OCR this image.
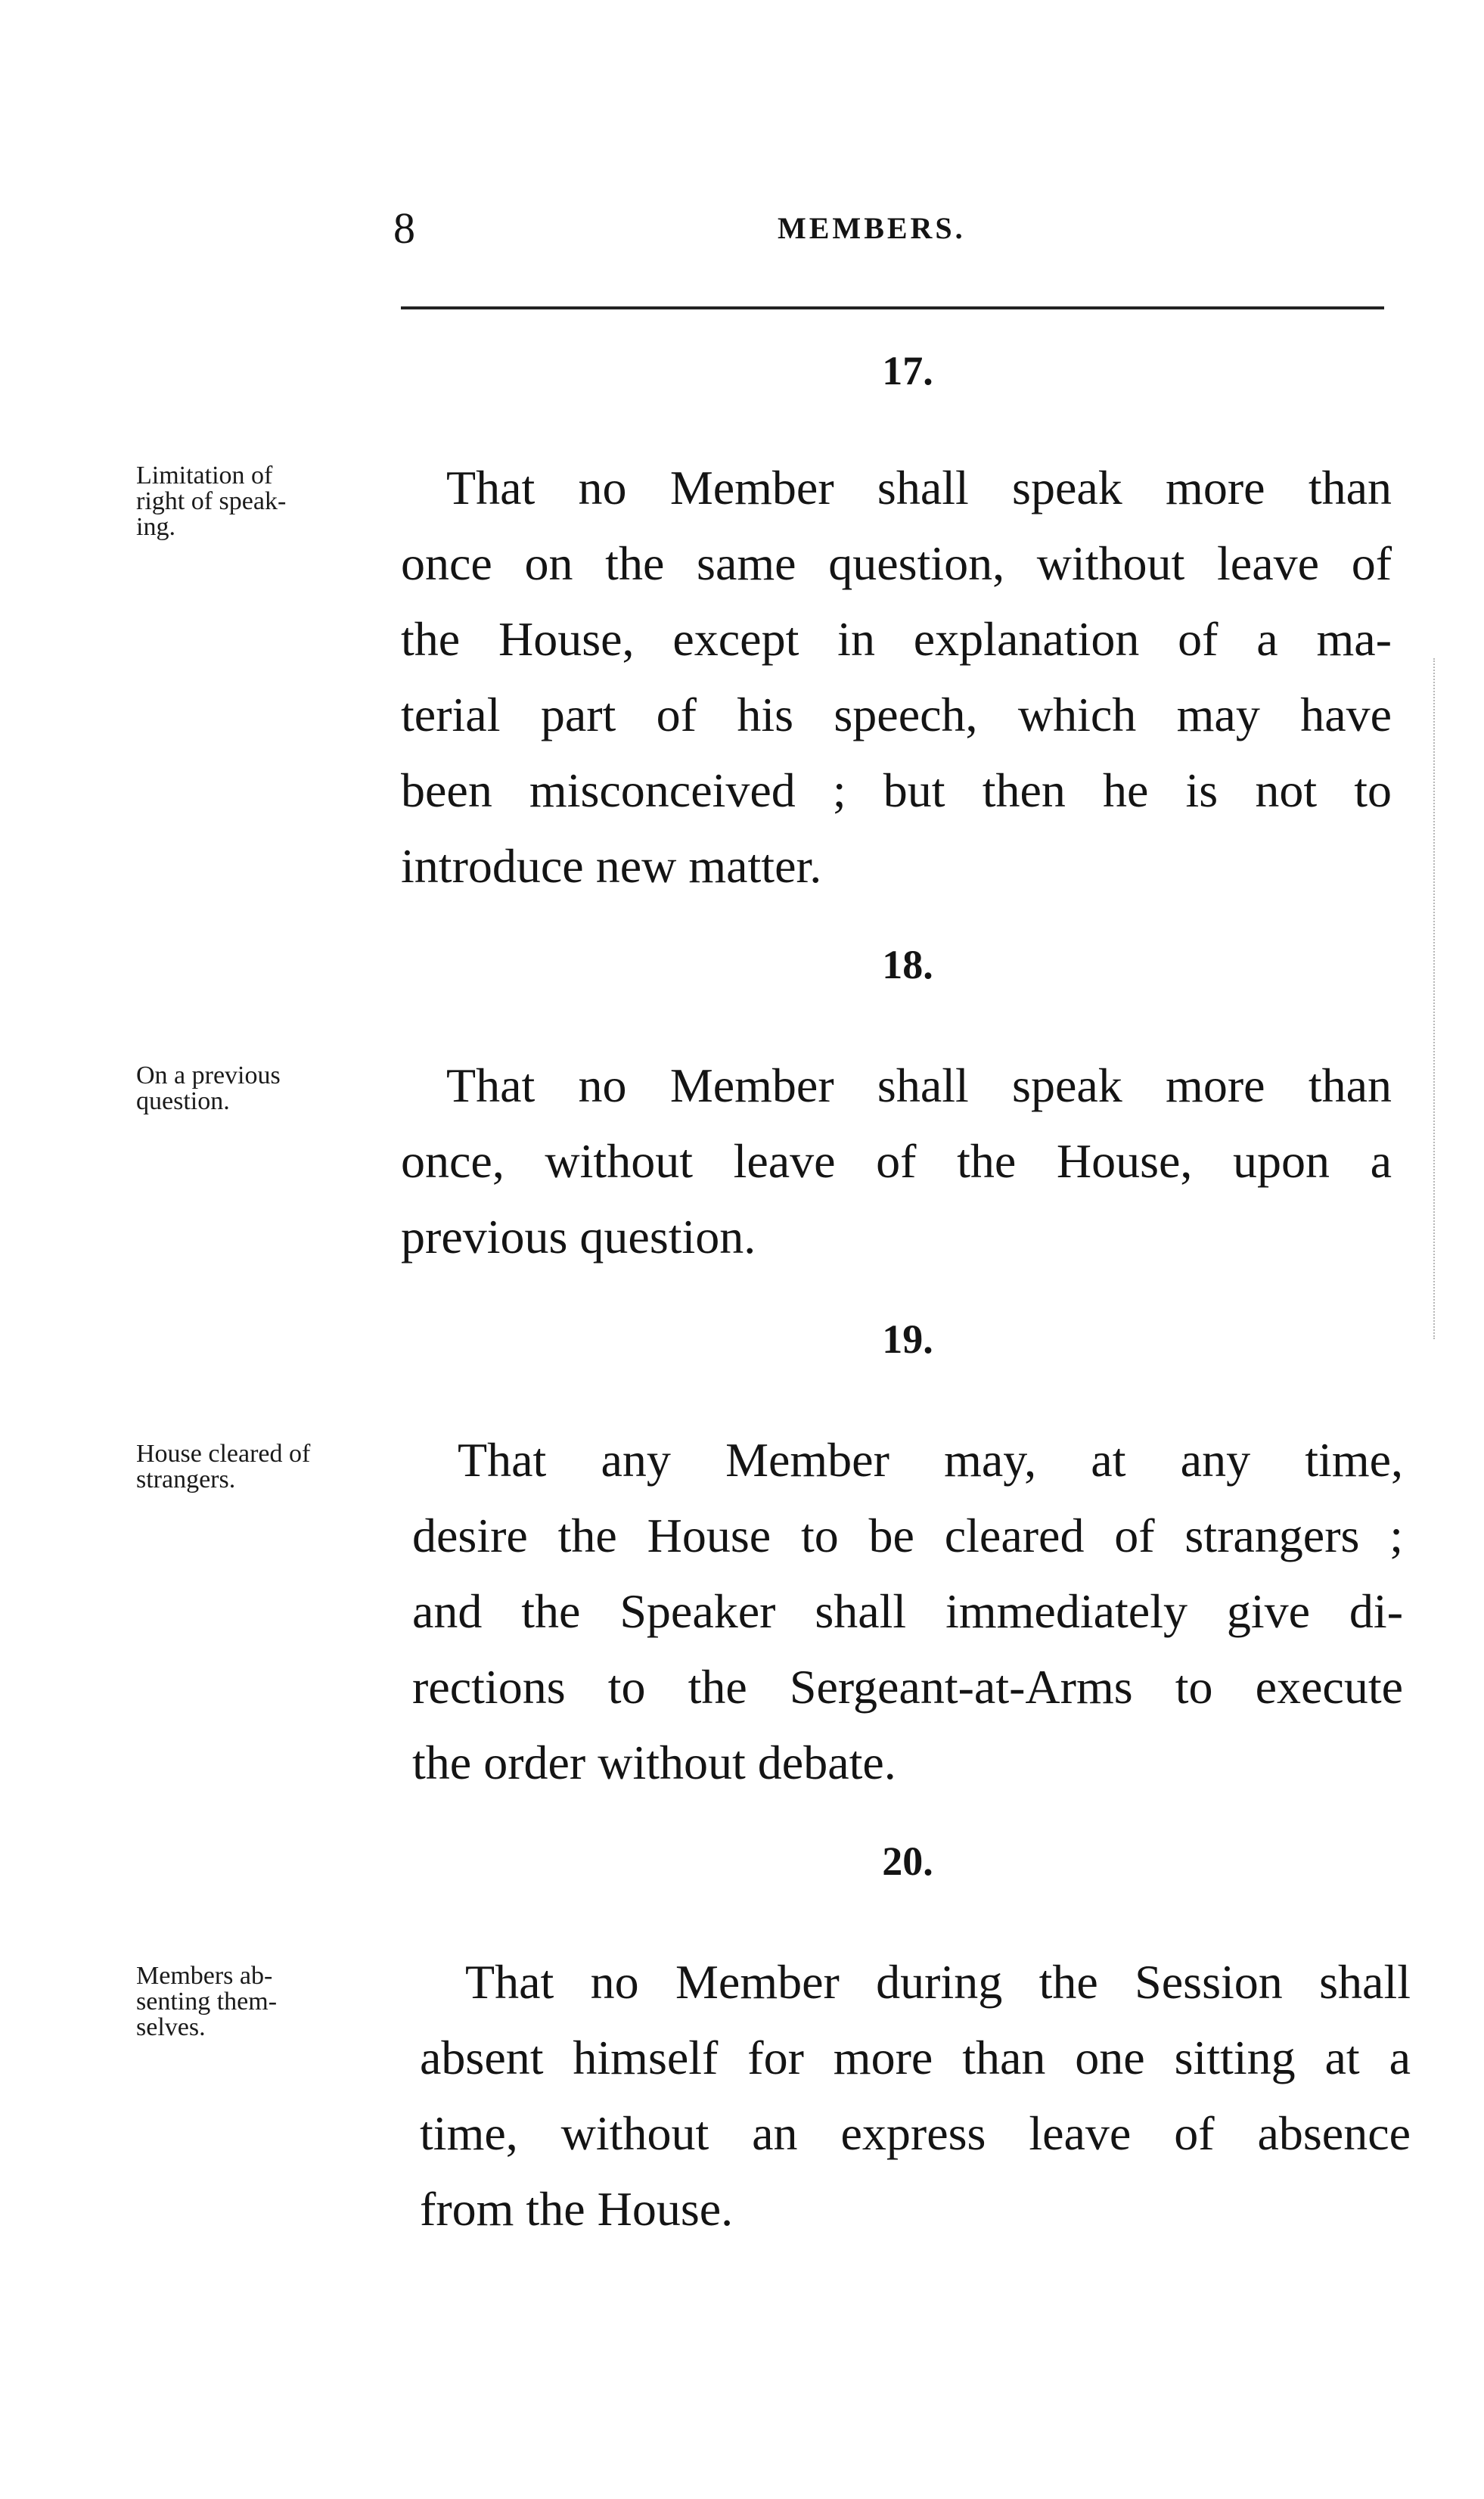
8	MEMBERS.
17.
Limitation of
right of speak-
ing.
That no Member shall speak more than
once on the same question, without leave of
the House, except in explanation of a ma-
terial part of his speech, which may have
been misconceived ; but then he is not to
introduce new matter.
18.
On a previous
question.	That no Member shall speak more than
once, without leave of the House, upon a
previous question.
19.
House cleared of
strangers.	That any Member may, at any time,
desire the House to be cleared of strangers ;
and the Speaker shall immediately give di-
rections to the Sergeant-at-Arms to execute
the order without debate.
20.
Members ab-
senting them-
selves.
That no Member during the Session shall
absent himself for more than one sitting at a
time, without an express leave of absence
from the House.
